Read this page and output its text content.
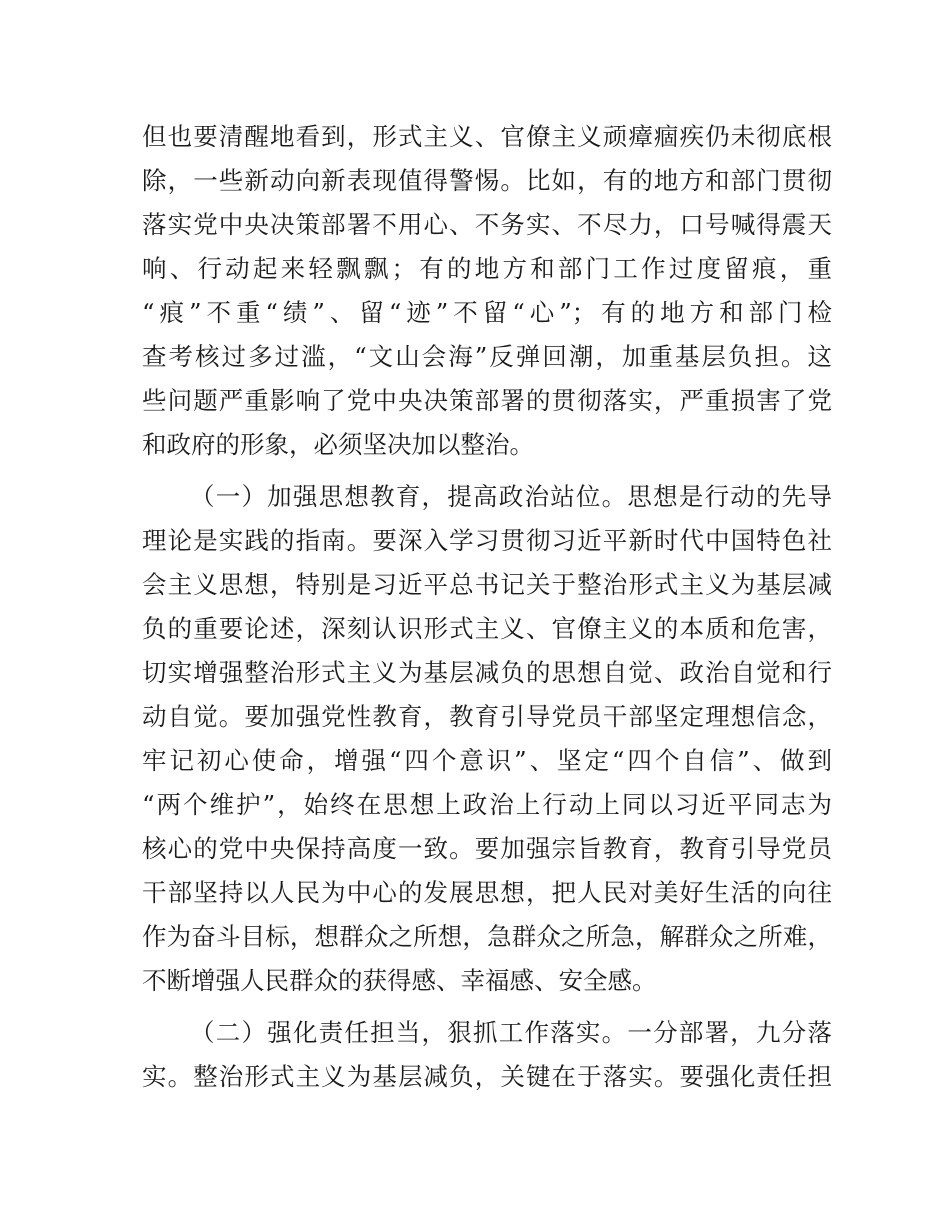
但也要清醒地看到，形式主义、官僚主义顽瘴痼疾仍未彻底根
除，一些新动向新表现值得警惕。比如，有的地方和部门贯彻
落实党中央决策部署不用心、不务实、不尽力，口号喊得震天
响、行动起来轻飘飘；有的地方和部门工作过度留痕，重
“痕”不重“绩”、留“迹”不留“心”；有的地方和部门检
查考核过多过滥，“文山会海”反弹回潮，加重基层负担。这
些问题严重影响了党中央决策部署的贯彻落实，严重损害了党
和政府的形象，必须坚决加以整治。
（一）加强思想教育，提高政治站位。思想是行动的先导
理论是实践的指南。要深入学习贯彻习近平新时代中国特色社
会主义思想，特别是习近平总书记关于整治形式主义为基层减
负的重要论述，深刻认识形式主义、官僚主义的本质和危害，
切实增强整治形式主义为基层减负的思想自觉、政治自觉和行
动自觉。要加强党性教育，教育引导党员干部坚定理想信念，
牢记初心使命，增强“四个意识”、坚定“四个自信”、做到
“两个维护”，始终在思想上政治上行动上同以习近平同志为
核心的党中央保持高度一致。要加强宗旨教育，教育引导党员
干部坚持以人民为中心的发展思想，把人民对美好生活的向往
作为奋斗目标，想群众之所想，急群众之所急，解群众之所难，
不断增强人民群众的获得感、幸福感、安全感。
（二）强化责任担当，狠抓工作落实。一分部署，九分落
实。整治形式主义为基层减负，关键在于落实。要强化责任担
